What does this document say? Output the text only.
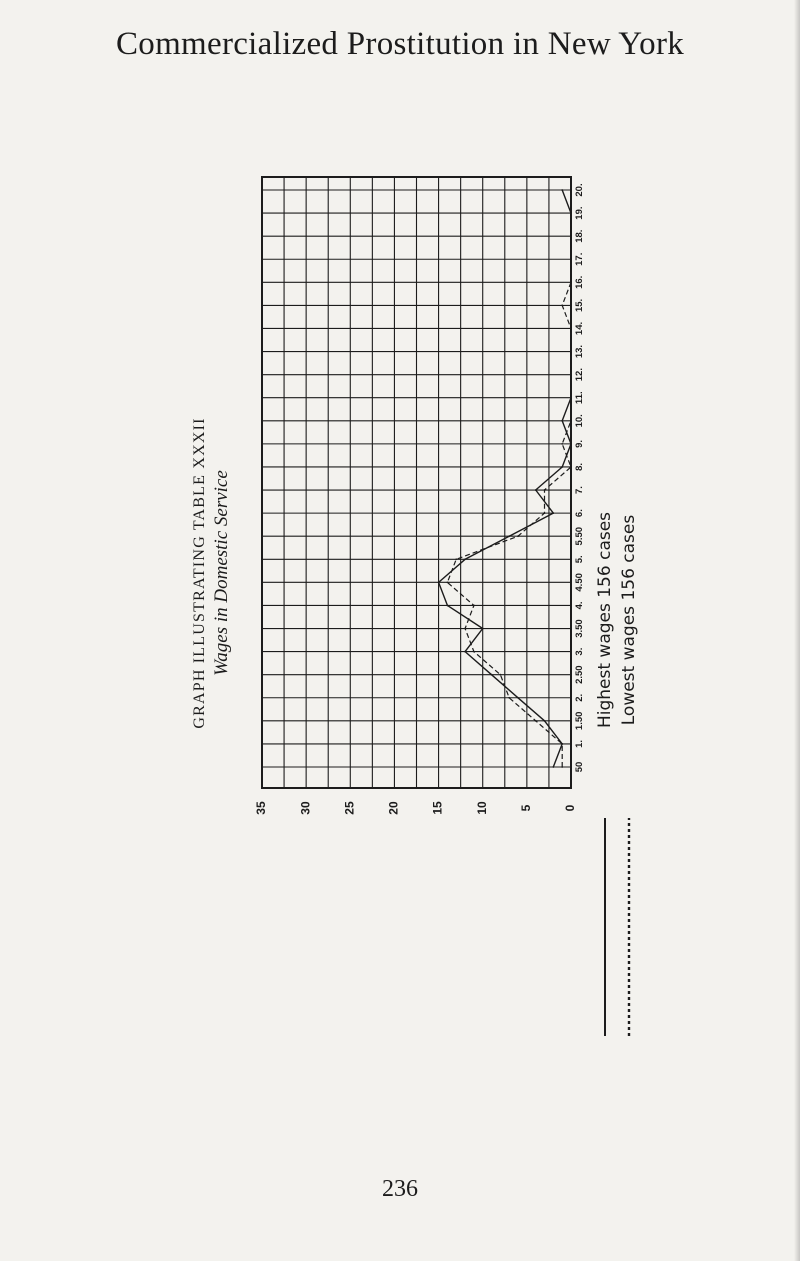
Commercialized Prostitution in New York
50
1.
1.50
2.
2.50
3.
3.50
4.
4.50
5.
5.50
6.
7.
8.
9.
10.
11.
12.
13.
14.
15.
16.
17.
18.
19.
20.
35	30	25	20	15	10	5	0
Highest wages 156 cases Lowest wages 156 cases
GRAPH ILLUSTRATING TABLE XXXII Wages in Domestic Service
236
